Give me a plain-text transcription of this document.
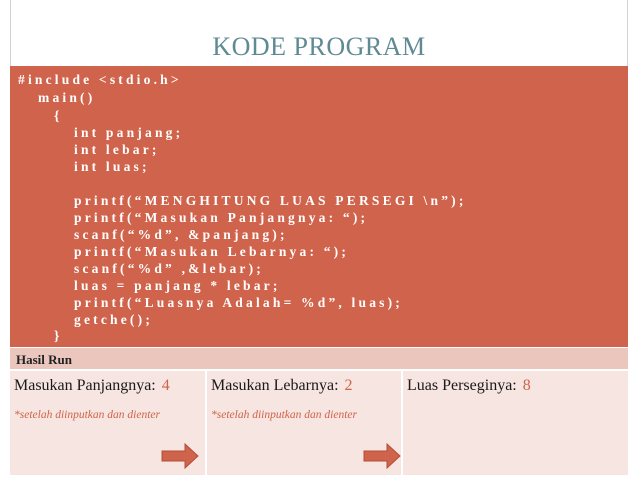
KODE PROGRAM
#include <stdio.h>
main()
{
int panjang;
int lebar;
int luas;
printf(“MENGHITUNG LUAS PERSEGI \n”);
printf(“Masukan Panjangnya: “);
scanf(“%d”, &panjang);
printf(“Masukan Lebarnya: “);
scanf(“%d” ,&lebar);
luas = panjang * lebar;
printf(“Luasnya Adalah= %d”, luas);
getche();
}
Hasil Run
Masukan Panjangnya: 4
*setelah diinputkan dan dienter
Masukan Lebarnya: 2
*setelah diinputkan dan dienter
Luas Perseginya: 8
